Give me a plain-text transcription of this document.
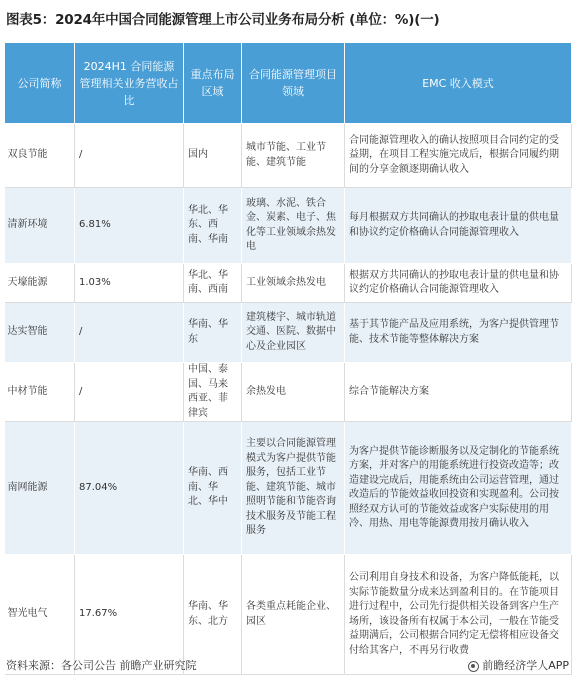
图表5：2024年中国合同能源管理上市公司业务布局分析 (单位：%)(一)
公司简称	2024H1 合同能源管理相关业务营收占比	重点布局区域	合同能源管理项目领域	EMC 收入模式
双良节能	/	国内	城市节能、工业节能、建筑节能	合同能源管理收入的确认按照项目合同约定的受益期，在项目工程实施完成后，根据合同履约期间的分享金额逐期确认收入
清新环境	6.81%	华北、华东、西南、华南	玻璃、水泥、铁合金、炭素、电子、焦化等工业领域余热发电	每月根据双方共同确认的抄取电表计量的供电量和协议约定价格确认合同能源管理收入
天壕能源	1.03%	华北、华南、西南	工业领域余热发电	根据双方共同确认的抄取电表计量的供电量和协议约定价格确认合同能源管理收入
达实智能	/	华南、华东	建筑楼宇、城市轨道交通、医院、数据中心及企业园区	基于其节能产品及应用系统，为客户提供管理节能、技术节能等整体解决方案
中材节能	/	中国、泰国、马来西亚、菲律宾	余热发电	综合节能解决方案
南网能源	87.04%	华南、西南、华北、华中	主要以合同能源管理模式为客户提供节能服务，包括工业节能、建筑节能、城市照明节能和节能咨询技术服务及节能工程服务	为客户提供节能诊断服务以及定制化的节能系统方案，并对客户的用能系统进行投资改造等；改造建设完成后，用能系统由公司运营管理，通过改造后的节能效益收回投资和实现盈利。公司按照经双方认可的节能效益或客户实际使用的用冷、用热、用电等能源费用按月确认收入
智光电气	17.67%	华南、华东、北方	各类重点耗能企业、园区	公司利用自身技术和设备，为客户降低能耗，以实际节能数量分成来达到盈利目的。在节能项目进行过程中，公司先行提供相关设备到客户生产场所，该设备所有权属于本公司，一般在节能受益期满后，公司根据合同约定无偿将相应设备交付给其客户，不再另行收费
资料来源：各公司公告 前瞻产业研究院	前瞻经济学人APP
